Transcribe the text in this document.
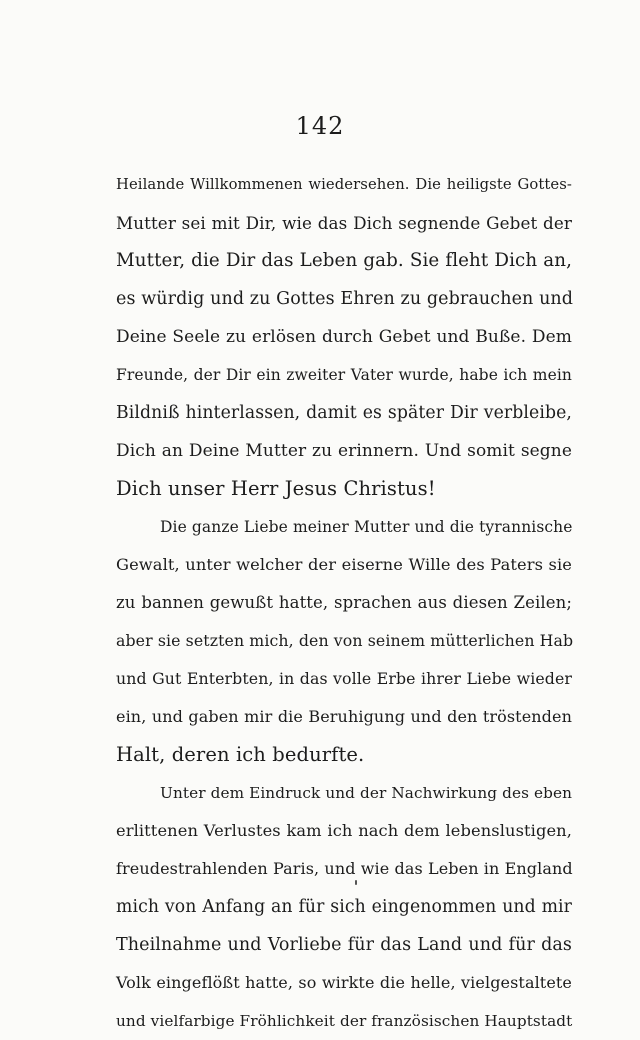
142
Heilande Willkommenen wiedersehen. Die heiligste Gottes-
Mutter sei mit Dir, wie das Dich segnende Gebet der
Mutter, die Dir das Leben gab. Sie fleht Dich an,
es würdig und zu Gottes Ehren zu gebrauchen und
Deine Seele zu erlösen durch Gebet und Buße. Dem
Freunde, der Dir ein zweiter Vater wurde, habe ich mein
Bildniß hinterlassen, damit es später Dir verbleibe,
Dich an Deine Mutter zu erinnern. Und somit segne
Dich unser Herr Jesus Christus!
Die ganze Liebe meiner Mutter und die tyrannische
Gewalt, unter welcher der eiserne Wille des Paters sie
zu bannen gewußt hatte, sprachen aus diesen Zeilen;
aber sie setzten mich, den von seinem mütterlichen Hab
und Gut Enterbten, in das volle Erbe ihrer Liebe wieder
ein, und gaben mir die Beruhigung und den tröstenden
Halt, deren ich bedurfte.
Unter dem Eindruck und der Nachwirkung des eben
erlittenen Verlustes kam ich nach dem lebenslustigen,
freudestrahlenden Paris, und wie das Leben in England
mich von Anfang an für sich eingenommen und mir
Theilnahme und Vorliebe für das Land und für das
Volk eingeflößt hatte, so wirkte die helle, vielgestaltete
und vielfarbige Fröhlichkeit der französischen Hauptstadt
